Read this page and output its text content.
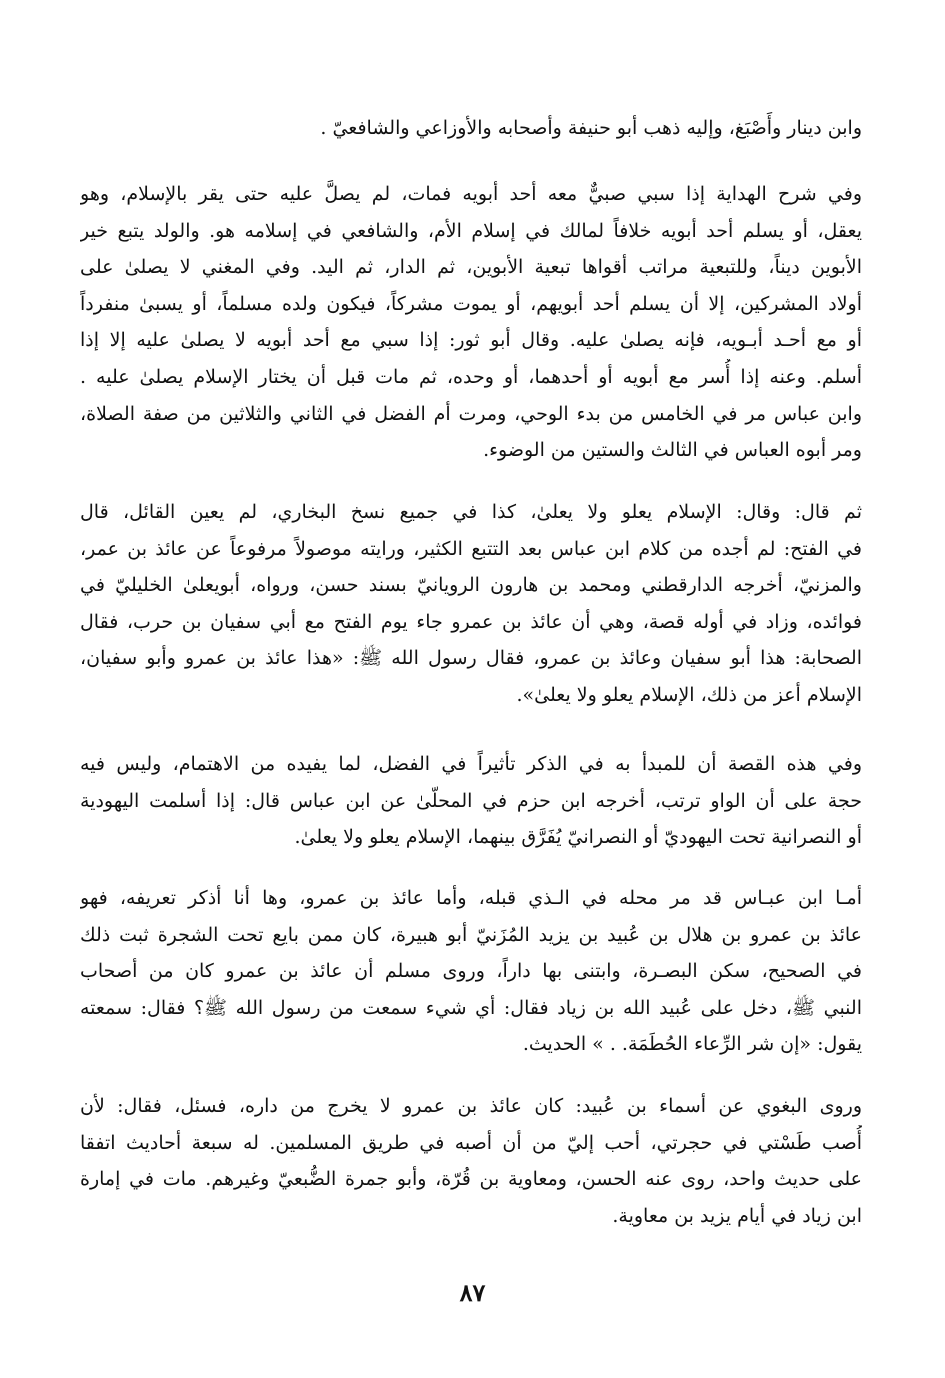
وابن دينار وأَصْبَغ، وإليه ذهب أبو حنيفة وأصحابه والأوزاعي والشافعيّ .

وفي شرح الهداية إذا سبي صبيٌّ معه أحد أبويه فمات، لم يصلَّ عليه حتى يقر بالإسلام، وهو
يعقل، أو يسلم أحد أبويه خلافاً لمالك في إسلام الأم، والشافعي في إسلامه هو. والولد يتبع خير
الأبوين ديناً، وللتبعية مراتب أقواها تبعية الأبوين، ثم الدار، ثم اليد. وفي المغني لا يصلىٰ على
أولاد المشركين، إلا أن يسلم أحد أبويهم، أو يموت مشركاً، فيكون ولده مسلماً، أو يسبىٰ منفرداً
أو مع أحـد أبـويه، فإنه يصلىٰ عليه. وقال أبو ثور: إذا سبي مع أحد أبويه لا يصلىٰ عليه إلا إذا
أسلم. وعنه إذا أُسر مع أبويه أو أحدهما، أو وحده، ثم مات قبل أن يختار الإسلام يصلىٰ عليه .
وابن عباس مر في الخامس من بدء الوحي، ومرت أم الفضل في الثاني والثلاثين من صفة الصلاة،
ومر أبوه العباس في الثالث والستين من الوضوء.

ثم قال: وقال: الإسلام يعلو ولا يعلىٰ، كذا في جميع نسخ البخاري، لم يعين القائل، قال
في الفتح: لم أجده من كلام ابن عباس بعد التتبع الكثير، ورايته موصولاً مرفوعاً عن عائذ بن عمر،
والمزنيّ، أخرجه الدارقطني ومحمد بن هارون الرويانيّ بسند حسن، ورواه، أبويعلىٰ الخليليّ في
فوائده، وزاد في أوله قصة، وهي أن عائذ بن عمرو جاء يوم الفتح مع أبي سفيان بن حرب، فقال
الصحابة: هذا أبو سفيان وعائذ بن عمرو، فقال رسول الله ﷺ: «هذا عائذ بن عمرو وأبو سفيان،
الإسلام أعز من ذلك، الإسلام يعلو ولا يعلىٰ».

وفي هذه القصة أن للمبدأ به في الذكر تأثيراً في الفضل، لما يفيده من الاهتمام، وليس فيه
حجة على أن الواو ترتب، أخرجه ابن حزم في المحلّىٰ عن ابن عباس قال: إذا أسلمت اليهودية
أو النصرانية تحت اليهوديّ أو النصرانيّ يُفَرَّق بينهما، الإسلام يعلو ولا يعلىٰ.

أمـا ابن عبـاس قد مر محله في الـذي قبله، وأما عائذ بن عمرو، وها أنا أذكر تعريفه، فهو
عائذ بن عمرو بن هلال بن عُبيد بن يزيد المُزَنيّ أبو هبيرة، كان ممن بايع تحت الشجرة ثبت ذلك
في الصحيح، سكن البصـرة، وابتنى بها داراً، وروى مسلم أن عائذ بن عمرو كان من أصحاب
النبي ﷺ، دخل على عُبيد الله بن زياد فقال: أي شيء سمعت من رسول الله ﷺ؟ فقال: سمعته
يقول: «إن شر الرِّعاء الحُطَمَة. . » الحديث.

وروى البغوي عن أسماء بن عُبيد: كان عائذ بن عمرو لا يخرج من داره، فسئل، فقال: لأن
أُصب طَسْتي في حجرتي، أحب إليّ من أن أصبه في طريق المسلمين. له سبعة أحاديث اتفقا
على حديث واحد، روى عنه الحسن، ومعاوية بن قُرّة، وأبو جمرة الضُّبعيّ وغيرهم. مات في إمارة
ابن زياد في أيام يزيد بن معاوية.

٨٧
